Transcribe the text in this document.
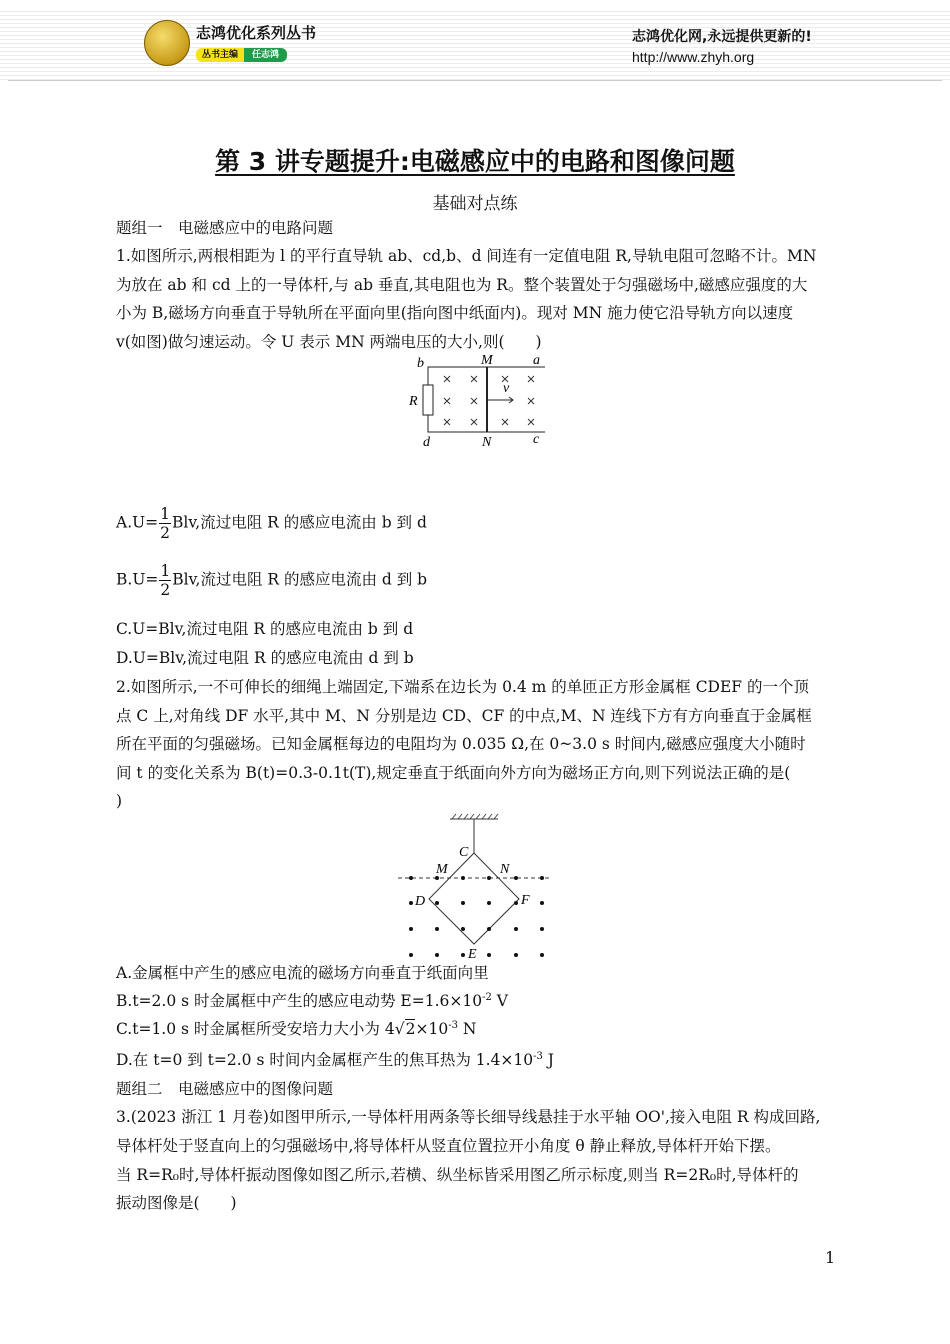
志鸿优化系列丛书
丛书主编	任志鸿
志鸿优化网,永远提供更新的!
http://www.zhyh.org
第 3 讲专题提升:电磁感应中的电路和图像问题
基础对点练
题组一　电磁感应中的电路问题
1.如图所示,两根相距为 l 的平行直导轨 ab、cd,b、d 间连有一定值电阻 R,导轨电阻可忽略不计。MN
为放在 ab 和 cd 上的一导体杆,与 ab 垂直,其电阻也为 R。整个装置处于匀强磁场中,磁感应强度的大
小为 B,磁场方向垂直于导轨所在平面向里(指向图中纸面内)。现对 MN 施力使它沿导轨方向以速度
v(如图)做匀速运动。令 U 表示 MN 两端电压的大小,则(　　)
b	a
M
R
v
d	N	c
$A.U= \frac{1}{2}$ Blv,流过电阻 R 的感应电流由 b 到 d
$B.U= \frac{1}{2}$ Blv,流过电阻 R 的感应电流由 d 到 b
C.U=Blv,流过电阻 R 的感应电流由 b 到 d
D.U=Blv,流过电阻 R 的感应电流由 d 到 b
2.如图所示,一不可伸长的细绳上端固定,下端系在边长为 0.4 m 的单匝正方形金属框 CDEF 的一个顶
点 C 上,对角线 DF 水平,其中 M、N 分别是边 CD、CF 的中点,M、N 连线下方有方向垂直于金属框
所在平面的匀强磁场。已知金属框每边的电阻均为 0.035 Ω,在 0~3.0 s 时间内,磁感应强度大小随时
间 t 的变化关系为 B(t)=0.3-0.1t(T),规定垂直于纸面向外方向为磁场正方向,则下列说法正确的是(
)
C
M	N
D	F
E
A.金属框中产生的感应电流的磁场方向垂直于纸面向里
B.t=2.0 s 时金属框中产生的感应电动势 $E=1.6\times 10^{-2}$ V
C.t=1.0 s 时金属框所受安培力大小为 $4√2\times 10^{-3}$ N
D.在 t=0 到 t=2.0 s 时间内金属框产生的焦耳热为 $1.4\times 10^{-3}$ J
题组二　电磁感应中的图像问题
3.(2023 浙江 1 月卷)如图甲所示,一导体杆用两条等长细导线悬挂于水平轴 OO',接入电阻 R 构成回路,
导体杆处于竖直向上的匀强磁场中,将导体杆从竖直位置拉开小角度 θ 静止释放,导体杆开始下摆。
当 R=R₀时,导体杆振动图像如图乙所示,若横、纵坐标皆采用图乙所示标度,则当 R=2R₀时,导体杆的
振动图像是(　　)
1
